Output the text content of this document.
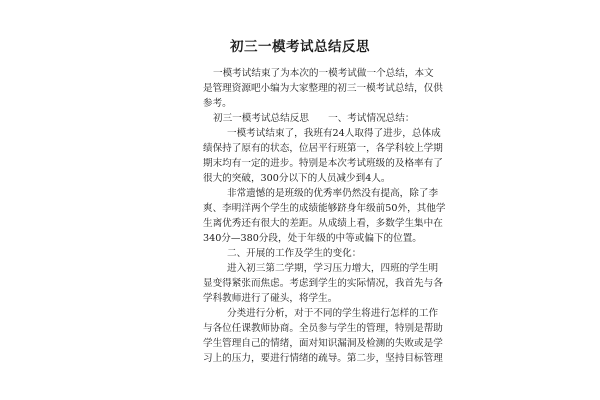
初三一模考试总结反思

一模考试结束了为本次的一模考试做一个总结，本文

是管理资源吧小编为大家整理的初三一模考试总结，仅供

参考。

初三一模考试总结反思　　一、考试情况总结：

一模考试结束了，我班有24人取得了进步，总体成

绩保持了原有的状态，位居平行班第一，各学科较上学期

期末均有一定的进步。特别是本次考试班级的及格率有了

很大的突破，300分以下的人员减少到4人。

非常遗憾的是班级的优秀率仍然没有提高，除了李

爽、李明洋两个学生的成绩能够跻身年级前50外，其他学

生离优秀还有很大的差距。从成绩上看，多数学生集中在

340分—380分段，处于年级的中等或偏下的位置。

二、开展的工作及学生的变化：

进入初三第二学期，学习压力增大，四班的学生明

显变得紧张而焦虑。考虑到学生的实际情况，我首先与各

学科教师进行了碰头，将学生。

分类进行分析，对于不同的学生将进行怎样的工作

与各位任课教师协商。全员参与学生的管理，特别是帮助

学生管理自己的情绪，面对知识漏洞及检测的失败或是学

习上的压力，要进行情绪的疏导。第二步，坚持目标管理
